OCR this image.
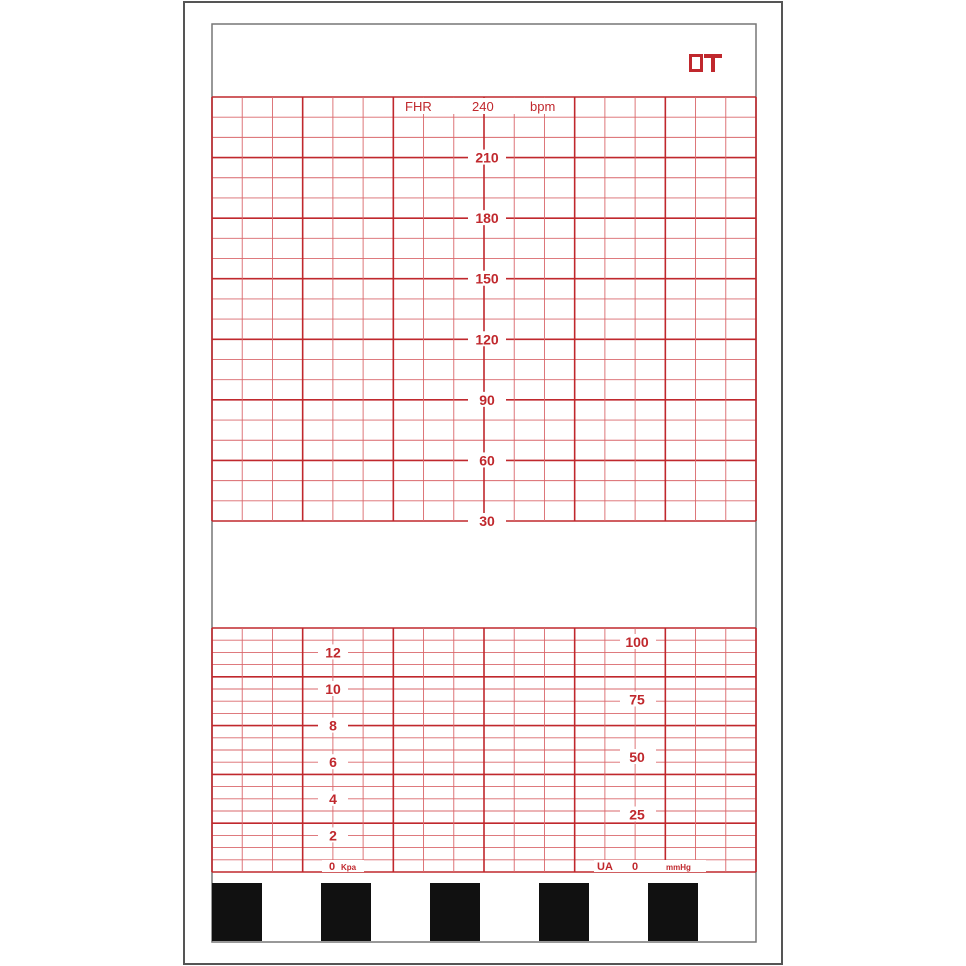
FHR	240	bpm
210
180
150
120
90
60
30
12
10
8
6
4
2
100
75
50
25
0 Kpa	UA 0	mmHg
